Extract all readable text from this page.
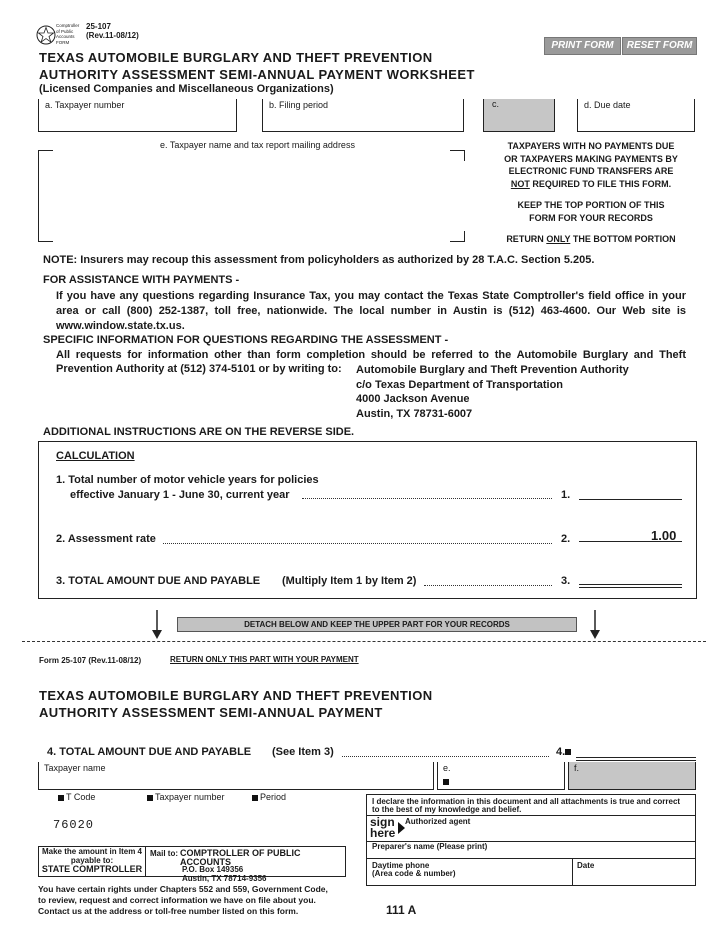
Comptroller of Public Accounts FORM
25-107
(Rev.11-08/12)
PRINT FORM	RESET FORM
TEXAS AUTOMOBILE BURGLARY AND THEFT PREVENTION
AUTHORITY ASSESSMENT SEMI-ANNUAL PAYMENT WORKSHEET
(Licensed Companies and Miscellaneous Organizations)
a. Taxpayer number	b. Filing period	c.	d. Due date
e. Taxpayer name and tax report mailing address	TAXPAYERS WITH NO PAYMENTS DUE
OR TAXPAYERS MAKING PAYMENTS BY
ELECTRONIC FUND TRANSFERS ARE
NOT REQUIRED TO FILE THIS FORM.
KEEP THE TOP PORTION OF THIS
FORM FOR YOUR RECORDS
RETURN ONLY THE BOTTOM PORTION
NOTE: Insurers may recoup this assessment from policyholders as authorized by 28 T.A.C. Section 5.205.
FOR ASSISTANCE WITH PAYMENTS -
If you have any questions regarding Insurance Tax, you may contact the Texas State Comptroller's field office in your area or call (800) 252-1387, toll free, nationwide. The local number in Austin is (512) 463-4600. Our Web site is www.window.state.tx.us.
SPECIFIC INFORMATION FOR QUESTIONS REGARDING THE ASSESSMENT -
All requests for information other than form completion should be referred to the Automobile Burglary and Theft
Prevention Authority at (512) 374-5101 or by writing to: Automobile Burglary and Theft Prevention Authority
c/o Texas Department of Transportation
4000 Jackson Avenue
Austin, TX 78731-6007
ADDITIONAL INSTRUCTIONS ARE ON THE REVERSE SIDE.
CALCULATION
1. Total number of motor vehicle years for policies
effective January 1 - June 30, current year	1.
2. Assessment rate	2.	1.00
3. TOTAL AMOUNT DUE AND PAYABLE (Multiply Item 1 by Item 2)	3.
DETACH BELOW AND KEEP THE UPPER PART FOR YOUR RECORDS
Form 25-107 (Rev.11-08/12)	RETURN ONLY THIS PART WITH YOUR PAYMENT
TEXAS AUTOMOBILE BURGLARY AND THEFT PREVENTION
AUTHORITY ASSESSMENT SEMI-ANNUAL PAYMENT
4. TOTAL AMOUNT DUE AND PAYABLE (See Item 3)	4.
Taxpayer name	e.	f.
T Code	Taxpayer number	Period
76020
I declare the information in this document and all attachments is true and correct
to the best of my knowledge and belief.
sign
here
Authorized agent
Preparer's name (Please print)
Daytime phone
(Area code & number)
Date
Make the amount in Item 4
payable to:
STATE COMPTROLLER
Mail to: COMPTROLLER OF PUBLIC ACCOUNTS
P.O. Box 149356
Austin, TX 78714-9356
You have certain rights under Chapters 552 and 559, Government Code,
to review, request and correct information we have on file about you.
Contact us at the address or toll-free number listed on this form.	111 A
